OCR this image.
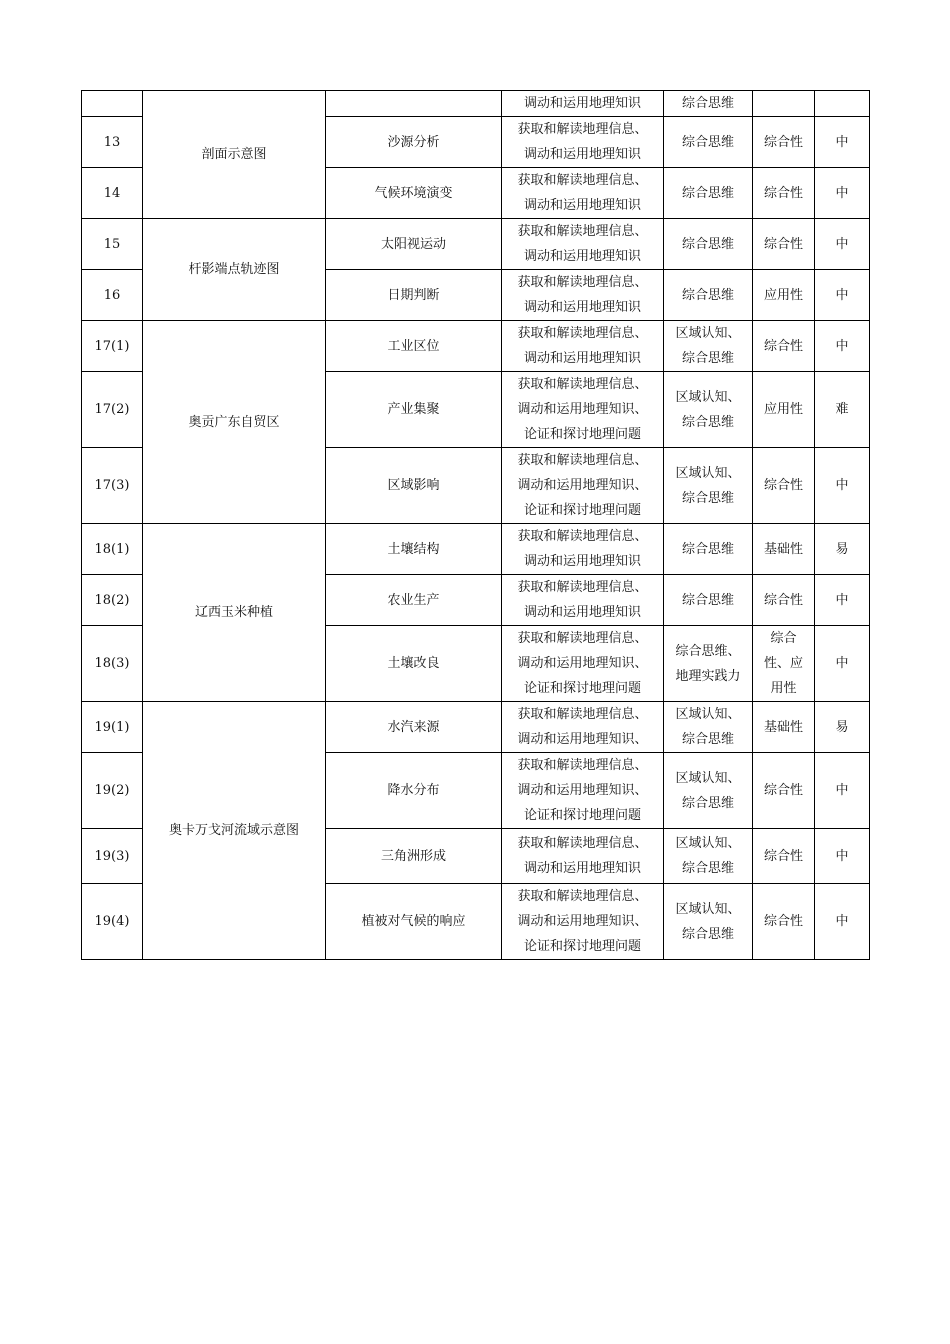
	剖面示意图		调动和运用地理知识	综合思维		
13		沙源分析	获取和解读地理信息、
调动和运用地理知识	综合思维	综合性	中
14		气候环境演变	获取和解读地理信息、
调动和运用地理知识	综合思维	综合性	中
15	杆影端点轨迹图	太阳视运动	获取和解读地理信息、
调动和运用地理知识	综合思维	综合性	中
16		日期判断	获取和解读地理信息、
调动和运用地理知识	综合思维	应用性	中
17(1)	奥贡广东自贸区	工业区位	获取和解读地理信息、
调动和运用地理知识	区域认知、
综合思维	综合性	中
17(2)		产业集聚	获取和解读地理信息、
调动和运用地理知识、
论证和探讨地理问题	区域认知、
综合思维	应用性	难
17(3)		区域影响	获取和解读地理信息、
调动和运用地理知识、
论证和探讨地理问题	区域认知、
综合思维	综合性	中
18(1)	辽西玉米种植	土壤结构	获取和解读地理信息、
调动和运用地理知识	综合思维	基础性	易
18(2)		农业生产	获取和解读地理信息、
调动和运用地理知识	综合思维	综合性	中
18(3)		土壤改良	获取和解读地理信息、
调动和运用地理知识、
论证和探讨地理问题	综合思维、
地理实践力	综合
性、应
用性	中
19(1)	奥卡万戈河流域示意图	水汽来源	获取和解读地理信息、
调动和运用地理知识、	区域认知、
综合思维	基础性	易
19(2)		降水分布	获取和解读地理信息、
调动和运用地理知识、
论证和探讨地理问题	区域认知、
综合思维	综合性	中
19(3)		三角洲形成	获取和解读地理信息、
调动和运用地理知识	区域认知、
综合思维	综合性	中
19(4)		植被对气候的响应	获取和解读地理信息、
调动和运用地理知识、
论证和探讨地理问题	区域认知、
综合思维	综合性	中
